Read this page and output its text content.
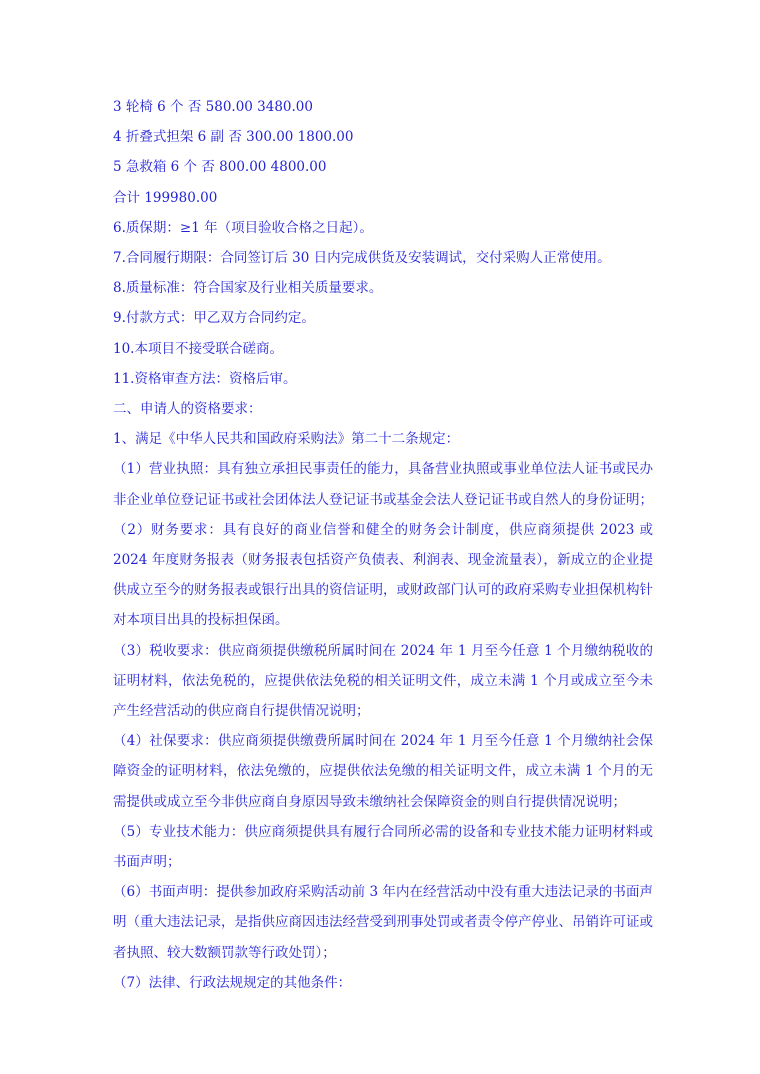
3 轮椅 6 个 否 580.00 3480.00
4 折叠式担架 6 副 否 300.00 1800.00
5 急救箱 6 个 否 800.00 4800.00
合计 199980.00
6.质保期：≥1 年（项目验收合格之日起）。
7.合同履行期限：合同签订后 30 日内完成供货及安装调试，交付采购人正常使用。
8.质量标准：符合国家及行业相关质量要求。
9.付款方式：甲乙双方合同约定。
10.本项目不接受联合磋商。
11.资格审查方法：资格后审。
二、申请人的资格要求：
1、满足《中华人民共和国政府采购法》第二十二条规定：
（1）营业执照：具有独立承担民事责任的能力，具备营业执照或事业单位法人证书或民办非企业单位登记证书或社会团体法人登记证书或基金会法人登记证书或自然人的身份证明；
（2）财务要求：具有良好的商业信誉和健全的财务会计制度，供应商须提供 2023 或 2024 年度财务报表（财务报表包括资产负债表、利润表、现金流量表），新成立的企业提供成立至今的财务报表或银行出具的资信证明，或财政部门认可的政府采购专业担保机构针对本项目出具的投标担保函。
（3）税收要求：供应商须提供缴税所属时间在 2024 年 1 月至今任意 1 个月缴纳税收的证明材料，依法免税的，应提供依法免税的相关证明文件，成立未满 1 个月或成立至今未产生经营活动的供应商自行提供情况说明；
（4）社保要求：供应商须提供缴费所属时间在 2024 年 1 月至今任意 1 个月缴纳社会保障资金的证明材料，依法免缴的，应提供依法免缴的相关证明文件，成立未满 1 个月的无需提供或成立至今非供应商自身原因导致未缴纳社会保障资金的则自行提供情况说明；
（5）专业技术能力：供应商须提供具有履行合同所必需的设备和专业技术能力证明材料或书面声明；
（6）书面声明：提供参加政府采购活动前 3 年内在经营活动中没有重大违法记录的书面声明（重大违法记录，是指供应商因违法经营受到刑事处罚或者责令停产停业、吊销许可证或者执照、较大数额罚款等行政处罚）；
（7）法律、行政法规规定的其他条件：
